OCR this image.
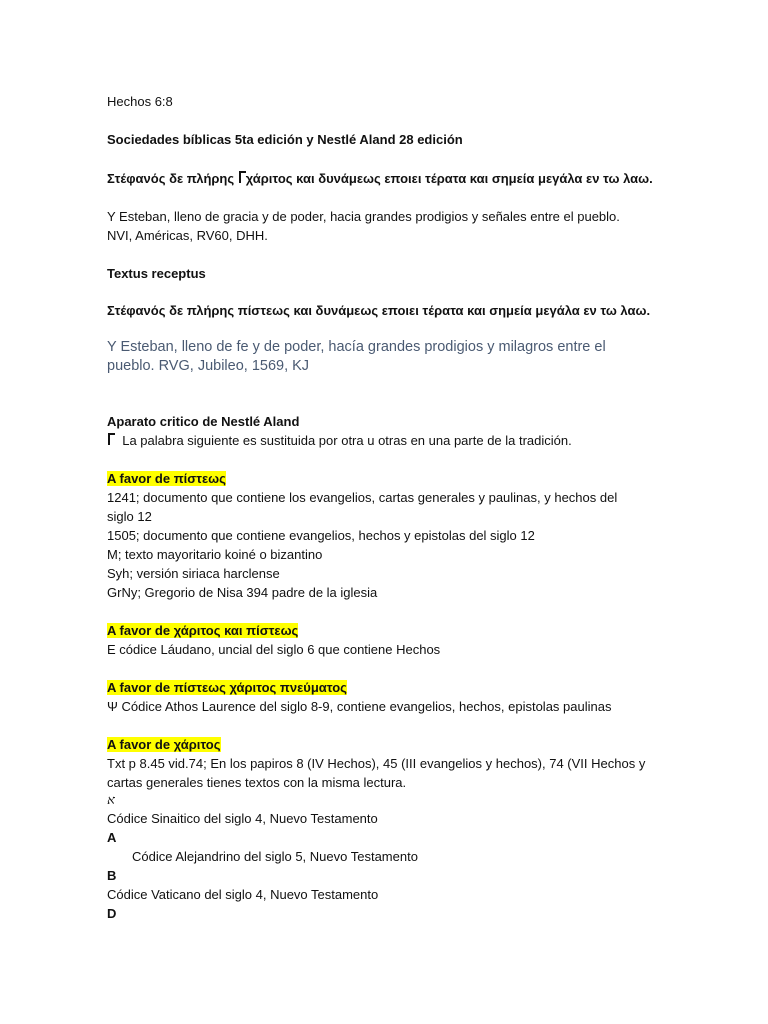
Hechos 6:8
Sociedades bíblicas 5ta edición y Nestlé Aland 28 edición
Στέφανός δε πλήρης χάριτος και δυνάμεως εποιει τέρατα και σημεία μεγάλα εν τω λαω.
Y Esteban, lleno de gracia y de poder, hacia grandes prodigios y señales entre el pueblo.
NVI, Américas, RV60, DHH.
Textus receptus
Στέφανός δε πλήρης πίστεως και δυνάμεως εποιει τέρατα και σημεία μεγάλα εν τω λαω.
Y Esteban, lleno de fe y de poder, hacía grandes prodigios y milagros entre el
pueblo. RVG, Jubileo, 1569, KJ
Aparato critico de Nestlé Aland
La palabra siguiente es sustituida por otra u otras en una parte de la tradición.
A favor de πίστεως
1241; documento que contiene los evangelios, cartas generales y paulinas, y hechos del
siglo 12
1505; documento que contiene evangelios, hechos y epistolas del siglo 12
M; texto mayoritario koiné o bizantino
Syh; versión siriaca harclense
GrNy; Gregorio de Nisa 394 padre de la iglesia
A favor de χάριτος και πίστεως
E códice Láudano, uncial del siglo 6 que contiene Hechos
A favor de πίστεως χάριτος πνεύματος
Ψ Códice Athos Laurence del siglo 8-9, contiene evangelios, hechos, epistolas paulinas
A favor de χάριτος
Txt p 8.45 vid.74; En los papiros 8 (IV Hechos), 45 (III evangelios y hechos), 74 (VII Hechos y
cartas generales tienes textos con la misma lectura.
א
Códice Sinaitico del siglo 4, Nuevo Testamento
A
Códice Alejandrino del siglo 5, Nuevo Testamento
B
Códice Vaticano del siglo 4, Nuevo Testamento
D
